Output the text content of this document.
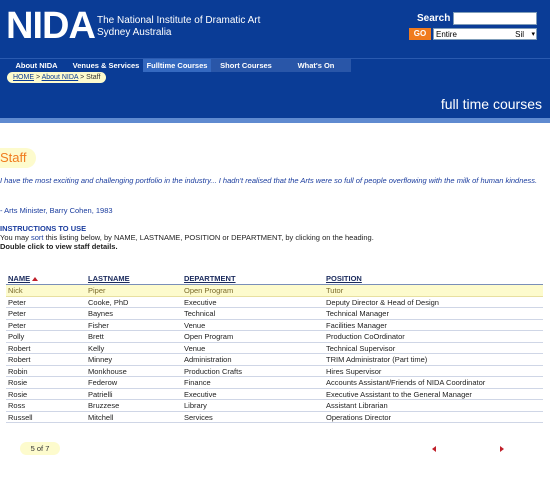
NIDA The National Institute of Dramatic Art
Sydney Australia
Search
GO	Entire	Sil ▾
About NIDA	Venues & Services Fulltime Courses	Short Courses	What's On
HOME > About NIDA > Staff
full time courses
Staff
I have the most exciting and challenging portfolio in the industry... I hadn't realised that the Arts were so full of people overflowing with the milk of human kindness.
- Arts Minister, Barry Cohen, 1983
INSTRUCTIONS TO USE
You may sort this listing below, by NAME, LASTNAME, POSITION or DEPARTMENT, by clicking on the heading.
Double click to view staff details.
NAME	LASTNAME	DEPARTMENT	POSITION
Nick	Piper	Open Program	Tutor
Peter	Cooke, PhD	Executive	Deputy Director & Head of Design
Peter	Baynes	Technical	Technical Manager
Peter	Fisher	Venue	Facilities Manager
Polly	Brett	Open Program	Production CoOrdinator
Robert	Kelly	Venue	Technical Supervisor
Robert	Minney	Administration	TRIM Administrator (Part time)
Robin	Monkhouse	Production Crafts	Hires Supervisor
Rosie	Federow	Finance	Accounts Assistant/Friends of NIDA Coordinator
Rosie	Patrielli	Executive	Executive Assistant to the General Manager
Ross	Bruzzese	Library	Assistant Librarian
Russell	Mitchell	Services	Operations Director
5 of 7
